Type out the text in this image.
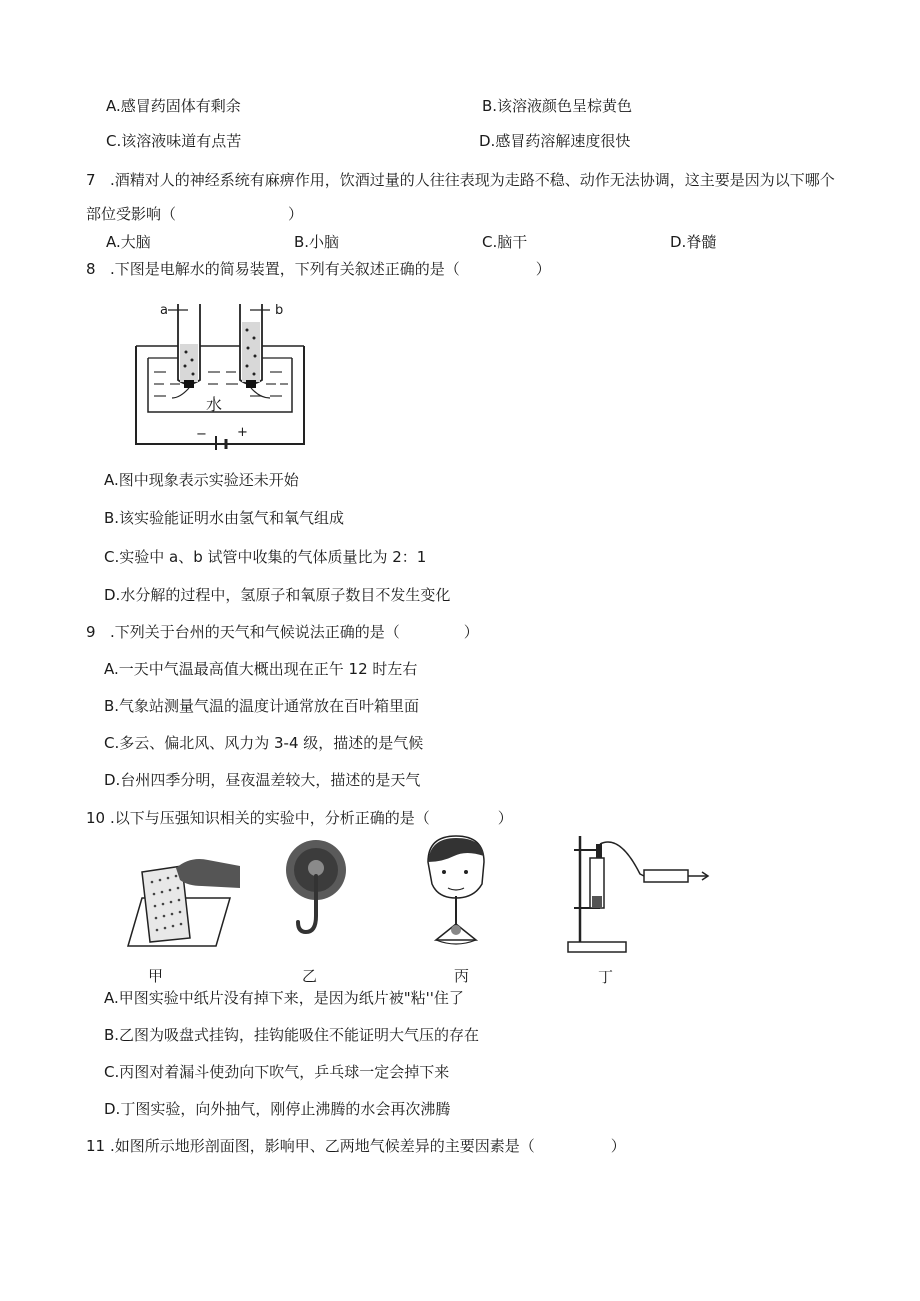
A.感冒药固体有剩余	B.该溶液颜色呈棕黄色
C.该溶液味道有点苦	D.感冒药溶解速度很快
7 .酒精对人的神经系统有麻痹作用，饮酒过量的人往往表现为走路不稳、动作无法协调，这主要是因为以下哪个
部位受影响（	）
A.大脑	B.小脑	C.脑干	D.脊髓
8 .下图是电解水的简易装置，下列有关叙述正确的是（	）
a	b
水
− +
A.图中现象表示实验还未开始
B.该实验能证明水由氢气和氧气组成
C.实验中 a、b 试管中收集的气体质量比为 2：1
D.水分解的过程中，氢原子和氧原子数目不发生变化
9 .下列关于台州的天气和气候说法正确的是（	）
A.一天中气温最高值大概出现在正午 12 时左右
B.气象站测量气温的温度计通常放在百叶箱里面
C.多云、偏北风、风力为 3-4 级，描述的是气候
D.台州四季分明，昼夜温差较大，描述的是天气
10 .以下与压强知识相关的实验中，分析正确的是（	）
甲	乙	丙	丁
A.甲图实验中纸片没有掉下来，是因为纸片被"粘''住了
B.乙图为吸盘式挂钩，挂钩能吸住不能证明大气压的存在
C.丙图对着漏斗使劲向下吹气，乒乓球一定会掉下来
D.丁图实验，向外抽气，刚停止沸腾的水会再次沸腾
11 .如图所示地形剖面图，影响甲、乙两地气候差异的主要因素是（	）
